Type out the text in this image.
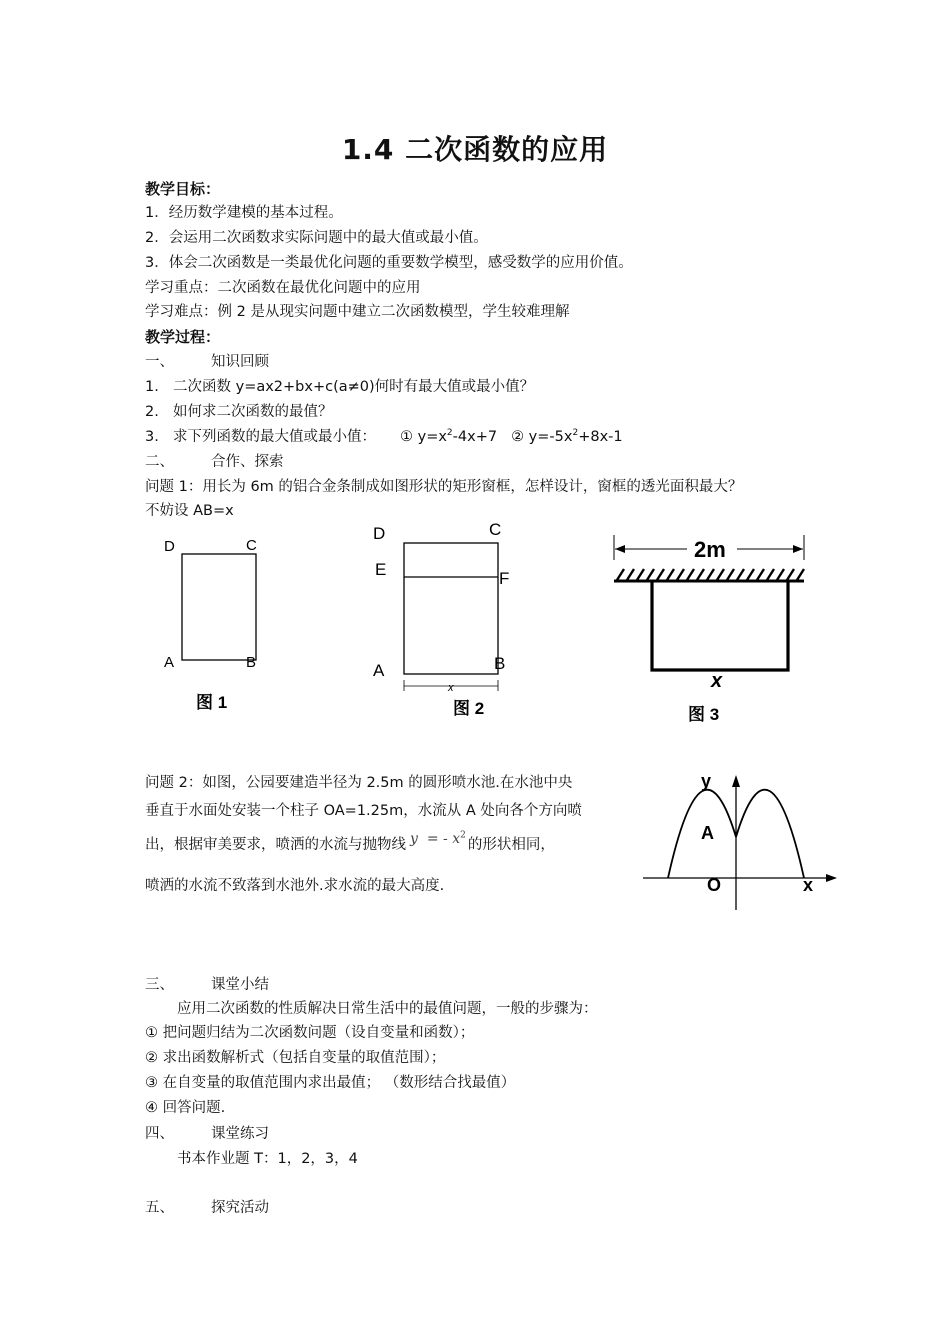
1.4 二次函数的应用
教学目标：
1．经历数学建模的基本过程。
2．会运用二次函数求实际问题中的最大值或最小值。
3．体会二次函数是一类最优化问题的重要数学模型，感受数学的应用价值。
学习重点：二次函数在最优化问题中的应用
学习难点：例 2 是从现实问题中建立二次函数模型，学生较难理解
教学过程：
一、	知识回顾
1. 二次函数 y=ax2+bx+c(a≠0)何时有最大值或最小值？
2. 如何求二次函数的最值？
3. 求下列函数的最大值或最小值： ① $y=x^2-4x+7$ ② $y=-5x^2+8x-1$
二、	合作、探索
问题 1：用长为 6m 的铝合金条制成如图形状的矩形窗框，怎样设计，窗框的透光面积最大？
不妨设 AB=x
D	C
A	B
图 1
x
D	C
E	F
A	B
图 2
2m
x
图 3
问题 2：如图，公园要建造半径为 2.5m 的圆形喷水池.在水池中央
垂直于水面处安装一个柱子 OA=1.25m，水流从 A 处向各个方向喷
出，根据审美要求，喷洒的水流与抛物线 y = - $x^2$的形状相同，
喷洒的水流不致落到水池外.求水流的最大高度.
y
x
A
O
三、	课堂小结
应用二次函数的性质解决日常生活中的最值问题，一般的步骤为：
① 把问题归结为二次函数问题（设自变量和函数）；
② 求出函数解析式（包括自变量的取值范围）；
③ 在自变量的取值范围内求出最值； （数形结合找最值）
④ 回答问题.
四、	课堂练习
书本作业题 T：1，2，3，4
五、	探究活动
